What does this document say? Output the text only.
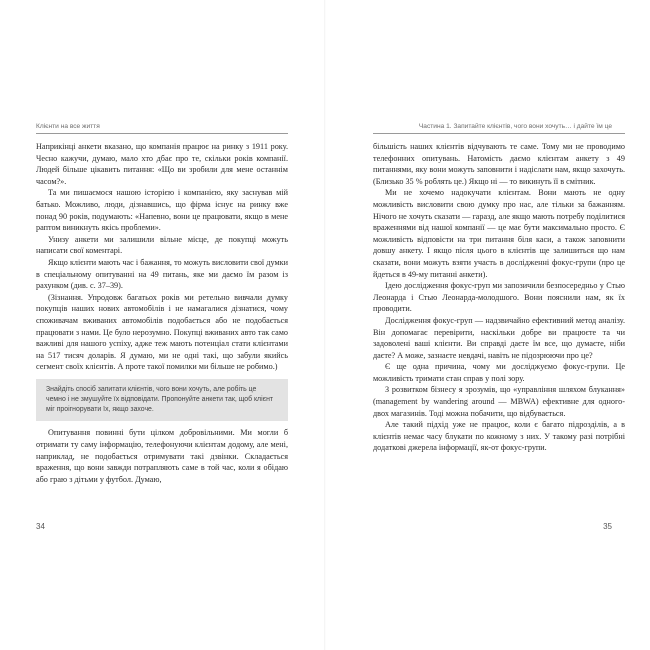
Клієнти на все життя

Наприкінці анкети вказано, що компанія працює на ринку з 1911 року. Чесно кажучи, думаю, мало хто дбає про те, скільки років компанії. Людей більше цікавить питання: «Що ви зробили для мене останнім часом?».

Та ми пишаємося нашою історією і компанією, яку заснував мій батько. Можливо, люди, дізнавшись, що фірма існує на ринку вже понад 90 років, подумають: «Напевно, вони це працювати, якщо в мене раптом виникнуть якісь проблеми».

Унизу анкети ми залишили вільне місце, де покупці можуть написати свої коментарі.

Якщо клієнти мають час і бажання, то можуть висловити свої думки в спеціальному опитуванні на 49 питань, яке ми даємо їм разом із рахунком (див. с. 37–39).

(Зізнання. Упродовж багатьох років ми ретельно вивчали думку покупців наших нових автомобілів і не намагалися дізнатися, чому споживачам вживаних автомобілів подобається або не подобається працювати з нами. Це було нерозумно. Покупці вживаних авто так само важливі для нашого успіху, адже теж мають потенціал стати клієнтами на 517 тисяч доларів. Я думаю, ми не одні такі, що забули якийсь сегмент своїх клієнтів. А проте такої помилки ми більше не робимо.)

Знайдіть спосіб запитати клієнтів, чого вони хочуть, але робіть це чемно і не змушуйте їх відповідати. Пропонуйте анкети так, щоб клієнт міг проігнорувати їх, якщо захоче.

Опитування повинні бути цілком добровільними. Ми могли б отримати ту саму інформацію, телефонуючи клієнтам додому, але мені, наприклад, не подобається отримувати такі дзвінки. Складається враження, що вони завжди потрапляють саме в той час, коли я обідаю або граю з дітьми у футбол. Думаю,

34
Частина 1. Запитайте клієнтів, чого вони хочуть… і дайте їм це

більшість наших клієнтів відчувають те саме. Тому ми не проводимо телефонних опитувань. Натомість даємо клієнтам анкету з 49 питаннями, яку вони можуть заповнити і надіслати нам, якщо захочуть. (Близько 35 % роблять це.) Якщо ні — то викинуть її в смітник.

Ми не хочемо надокучати клієнтам. Вони мають не одну можливість висловити свою думку про нас, але тільки за бажанням. Нічого не хочуть сказати — гаразд, але якщо мають потребу поділитися враженнями від нашої компанії — це має бути максимально просто. Є можливість відповісти на три питання біля каси, а також заповнити довшу анкету. І якщо після цього в клієнтів ще залишиться що нам сказати, вони можуть взяти участь в дослідженні фокус-групи (про це йдеться в 49-му питанні анкети).

Ідею дослідження фокус-груп ми запозичили безпосередньо у Стью Леонарда і Стью Леонарда-молодшого. Вони пояснили нам, як їх проводити.

Дослідження фокус-груп — надзвичайно ефективний метод аналізу. Він допомагає перевірити, наскільки добре ви працюєте та чи задоволені ваші клієнти. Ви справді даєте їм все, що думаєте, ніби даєте? А може, зазнаєте невдачі, навіть не підозрюючи про це?

Є ще одна причина, чому ми досліджуємо фокус-групи. Це можливість тримати стан справ у полі зору.

З розвитком бізнесу я зрозумів, що «управління шляхом блукання» (management by wandering around — MBWA) ефективне для одного-двох магазинів. Тоді можна побачити, що відбувається.

Але такий підхід уже не працює, коли є багато підрозділів, а в клієнтів немає часу блукати по кожному з них. У такому разі потрібні додаткові джерела інформації, як-от фокус-групи.

35
